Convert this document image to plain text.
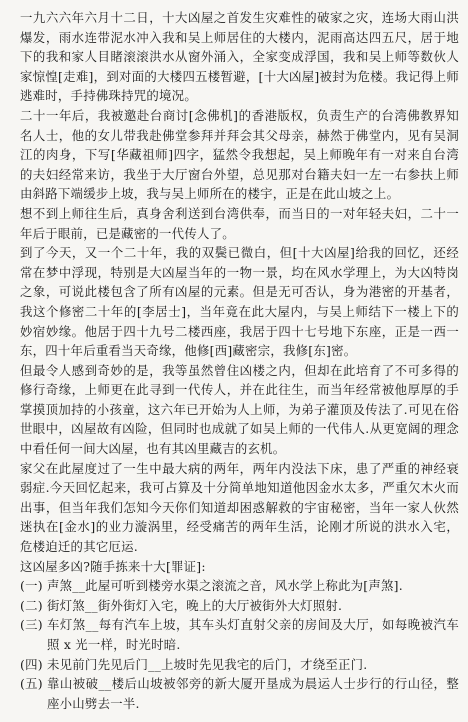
一九六六年六月十二日，十大凶屋之首发生灾难性的破家之灾，连场大雨山洪爆发，雨水连带泥水冲入我和吴上师居住的大楼内，泥雨高达四五尺，居于地下的我和家人目睹滚滚洪水从窗外涌入，全家变成浮国，我和吴上师等数伙人家惊惶[走难]，到对面的大楼四五楼暂避，[十大凶屋]被封为危楼。我记得上师逃难时，手持佛珠持咒的境况。

二十一年后，我被邀赴台商讨[念佛机]的香港版权，负责生产的台湾佛教界知名人士，他的女儿带我赴佛堂参拜并拜会其父母亲，赫然于佛堂内，见有吴洞江的肉身，下写[华藏祖师]四字，猛然令我想起，吴上师晚年有一对来自台湾的夫妇经常来访，我坐于大厅窗台外望，总见那对台籍夫妇一左一右参扶上师由斜路下端缓步上坡，我与吴上师所在的楼宇，正是在此山坡之上。

想不到上师往生后，真身舍利送到台湾供奉，而当日的一对年轻夫妇，二十一年后于眼前，已是藏密的一代传人了。

到了今天，又一个二十年，我的双鬓已微白，但[十大凶屋]给我的回忆，还经常在梦中浮现，特别是大凶屋当年的一物一景，均在风水学理上，为大凶特岗之象，可说此楼包含了所有凶屋的元素。但是无可否认，身为港密的开基者，我这个修密二十年的[李居士]，当年竟在此大屋内，与吴上师结下一楼上下的妙宿妙缘。他居于四十九号二楼西座，我居于四十七号地下东座，正是一西一东，四十年后重看当天奇缘，他修[西]藏密宗，我修[东]密。

但最令人感到奇妙的是，我等虽然曾住凶楼之内，但却在此培育了不可多得的修行奇缘，上师更在此寻到一代传人，并在此往生，而当年经常被他厚厚的手掌摸顶加持的小孩童，这六年已开始为人上师，为弟子灌顶及传法了.可见在俗世眼中，凶屋故有凶险，但同时也成就了如吴上师的一代伟人.从更宽阔的理念中看任何一间大凶屋，也有其凶里藏吉的玄机。

家父在此屋度过了一生中最大病的两年，两年内没法下床，患了严重的神经衰弱症.今天回忆起来，我可占算及十分简单地知道他因金水太多，严重欠木火而出事，但当年我们怎知今天你们知道却困惑解救的宇宙秘密，当年一家人伙然迷执在[金水]的业力漩涡里，经受痛苦的两年生活，论刚才所说的洪水入宅，危楼迫迁的其它厄运.

这凶屋多凶?随手拣来十大[罪证]:

(一)
声煞__此屋可听到楼旁水渠之滚流之音，风水学上称此为[声煞].
(二)
街灯煞__街外街灯入宅，晚上的大厅被街外大灯照射.
(三)
车灯煞__每有汽车上坡，其车头灯直射父亲的房间及大厅，如每晚被汽车照 x 光一样，时光时暗.
(四)
未见前门先见后门__上坡时先见我宅的后门，才绕至正门.
(五)
靠山被破__楼后山坡被邻旁的新大厦开垦成为晨运人士步行的行山径，整座小山劈去一半.
